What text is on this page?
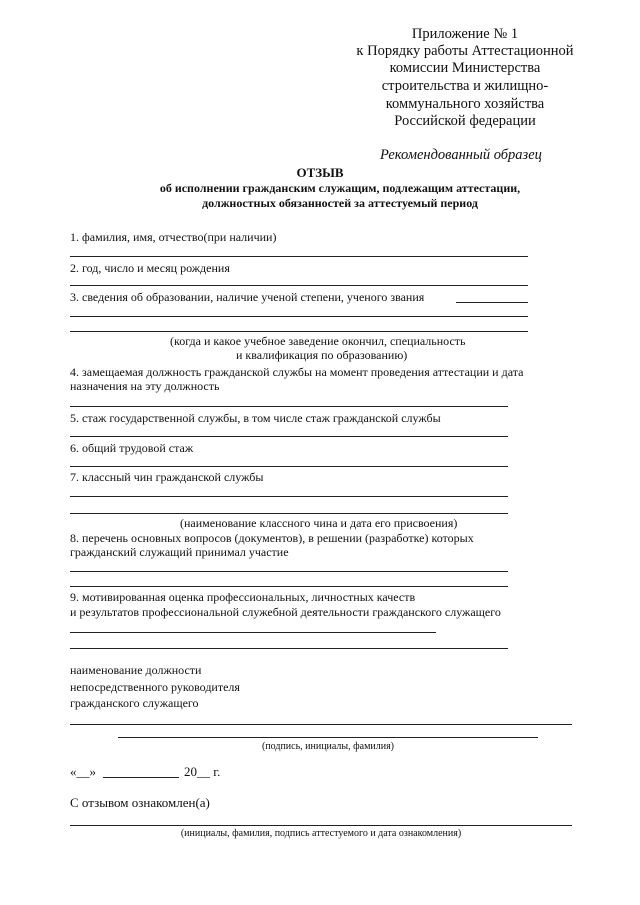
Приложение № 1
к Порядку работы Аттестационной
комиссии Министерства
строительства и жилищно-
коммунального хозяйства
Российской федерации
Рекомендованный образец
ОТЗЫВ
об исполнении гражданским служащим, подлежащим аттестации,
должностных обязанностей за аттестуемый период
1. фамилия, имя, отчество(при наличии)
2. год, число и месяц рождения
3. сведения об образовании, наличие ученой степени, ученого звания
(когда и какое учебное заведение окончил, специальность
и квалификация по образованию)
4. замещаемая должность гражданской службы на момент проведения аттестации и дата
назначения на эту должность
5. стаж государственной службы, в том числе стаж гражданской службы
6. общий трудовой стаж
7. классный чин гражданской службы
(наименование классного чина и дата его присвоения)
8. перечень основных вопросов (документов), в решении (разработке) которых
гражданский служащий принимал участие
9. мотивированная оценка профессиональных, личностных качеств
и результатов профессиональной служебной деятельности гражданского служащего
наименование должности
непосредственного руководителя
гражданского служащего
(подпись, инициалы, фамилия)
«__»	20__ г.
С отзывом ознакомлен(а)
(инициалы, фамилия, подпись аттестуемого и дата ознакомления)
